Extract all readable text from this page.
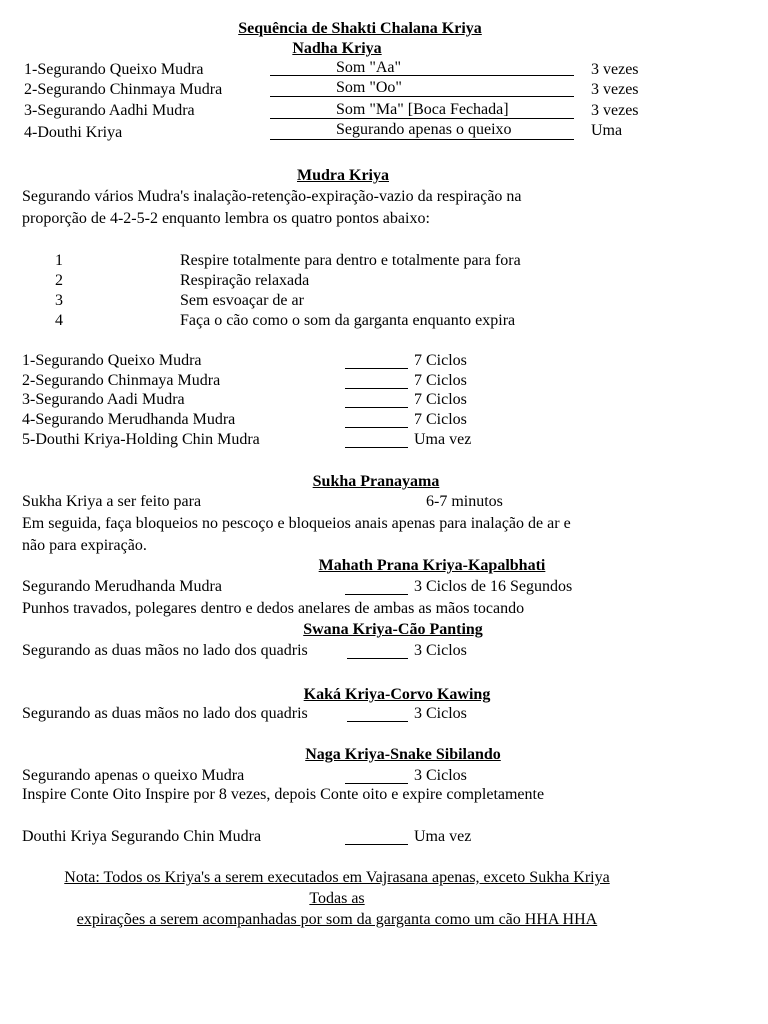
Sequência de Shakti Chalana Kriya
Nadha Kriya
1-Segurando Queixo Mudra	Som "Aa"	3 vezes
2-Segurando Chinmaya Mudra	Som "Oo"	3 vezes
3-Segurando Aadhi Mudra	Som "Ma" [Boca Fechada]	3 vezes
4-Douthi Kriya	Segurando apenas o queixo	Uma
Mudra Kriya
Segurando vários Mudra's inalação-retenção-expiração-vazio da respiração na
proporção de 4-2-5-2 enquanto lembra os quatro pontos abaixo:
1	Respire totalmente para dentro e totalmente para fora
2	Respiração relaxada
3	Sem esvoaçar de ar
4	Faça o cão como o som da garganta enquanto expira
1-Segurando Queixo Mudra	7 Ciclos
2-Segurando Chinmaya Mudra	7 Ciclos
3-Segurando Aadi Mudra	7 Ciclos
4-Segurando Merudhanda Mudra	7 Ciclos
5-Douthi Kriya-Holding Chin Mudra	Uma vez
Sukha Pranayama
Sukha Kriya a ser feito para	6-7 minutos
Em seguida, faça bloqueios no pescoço e bloqueios anais apenas para inalação de ar e
não para expiração.
Mahath Prana Kriya-Kapalbhati
Segurando Merudhanda Mudra	3 Ciclos de 16 Segundos
Punhos travados, polegares dentro e dedos anelares de ambas as mãos tocando
Swana Kriya-Cão Panting
Segurando as duas mãos no lado dos quadris	3 Ciclos
Kaká Kriya-Corvo Kawing
Segurando as duas mãos no lado dos quadris	3 Ciclos
Naga Kriya-Snake Sibilando
Segurando apenas o queixo Mudra	3 Ciclos
Inspire Conte Oito Inspire por 8 vezes, depois Conte oito e expire completamente
Douthi Kriya Segurando Chin Mudra	Uma vez
Nota: Todos os Kriya's a serem executados em Vajrasana apenas, exceto Sukha Kriya
Todas as
expirações a serem acompanhadas por som da garganta como um cão HHA HHA
